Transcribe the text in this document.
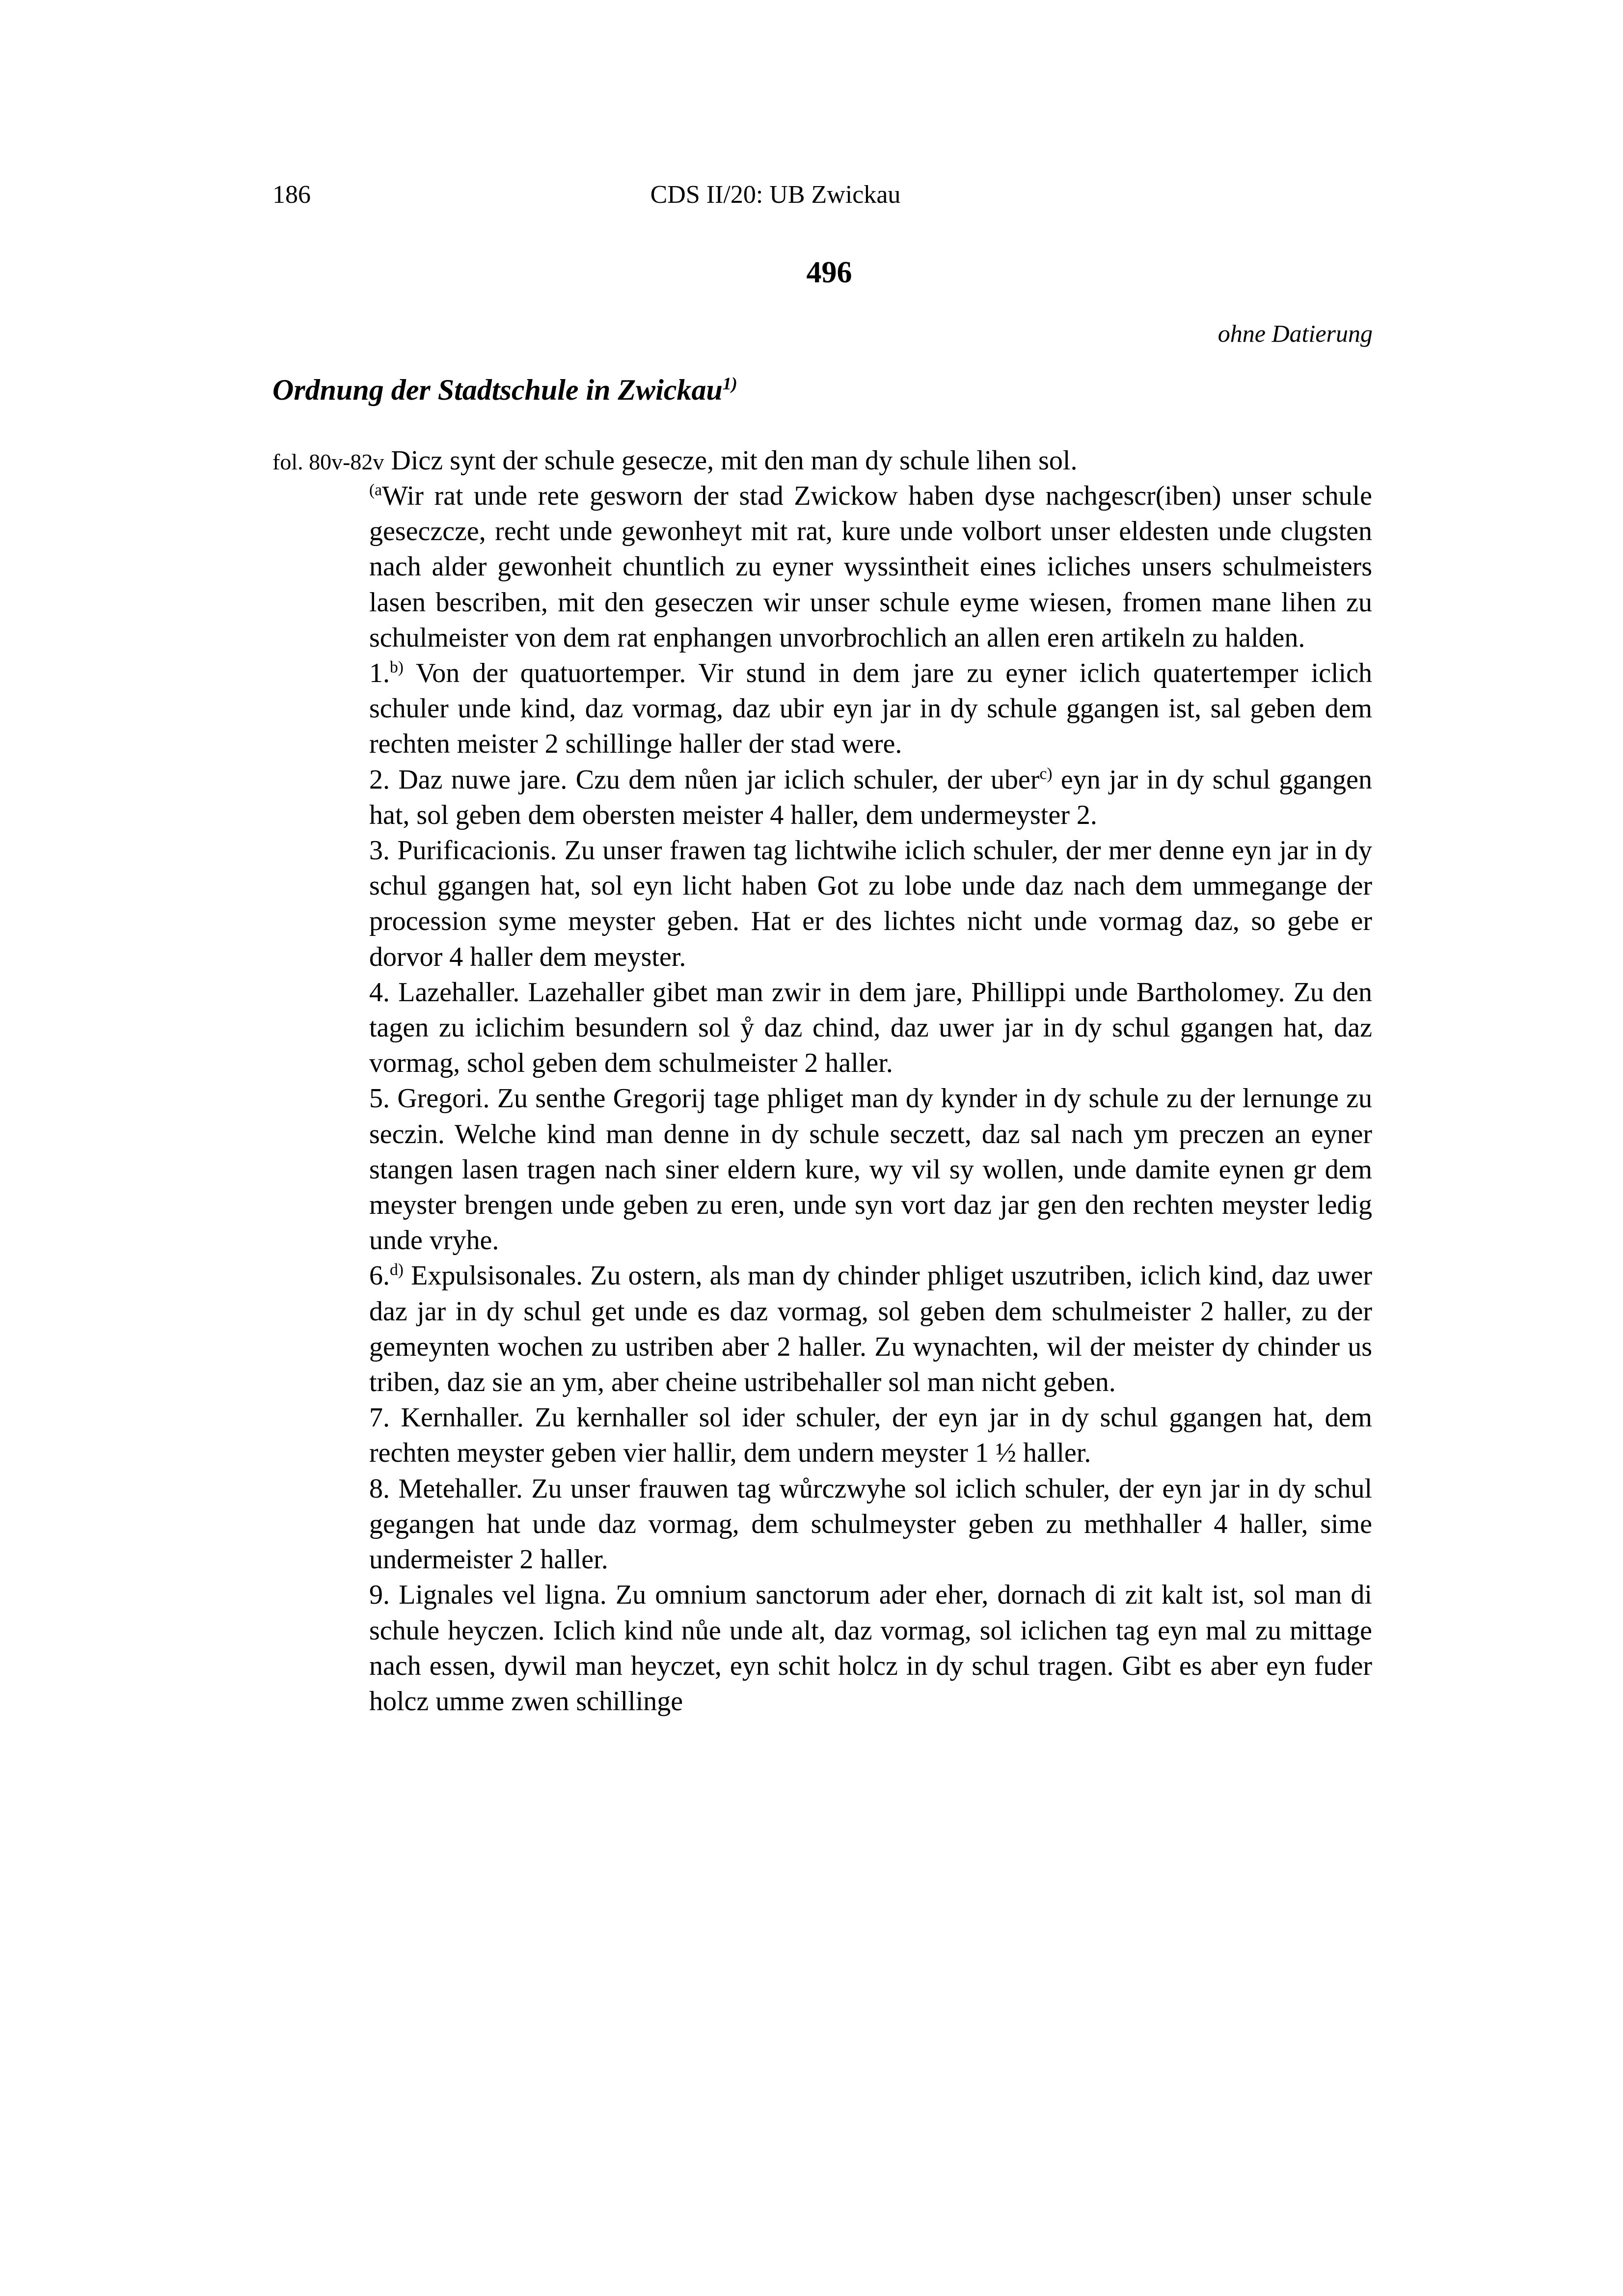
186	CDS II/20: UB Zwickau
496
ohne Datierung
Ordnung der Stadtschule in Zwickau$^{1)}$
fol. 80v-82v Dicz synt der schule gesecze, mit den man dy schule lihen sol.

$^{(a}$Wir rat unde rete gesworn der stad Zwickow haben dyse nachgescr(iben) unser schule geseczcze, recht unde gewonheyt mit rat, kure unde volbort unser eldesten unde clugsten nach alder gewonheit chuntlich zu eyner wyssintheit eines icliches unsers schulmeisters lasen bescriben, mit den geseczen wir unser schule eyme wiesen, fromen mane lihen zu schulmeister von dem rat enphangen unvorbrochlich an allen eren artikeln zu halden.

1.$^{b)}$ Von der quatuortemper. Vir stund in dem jare zu eyner iclich quatertemper iclich schuler unde kind, daz vormag, daz ubir eyn jar in dy schule ggangen ist, sal geben dem rechten meister 2 schillinge haller der stad were.

2. Daz nuwe jare. Czu dem nůen jar iclich schuler, der uber$^{c)}$ eyn jar in dy schul ggangen hat, sol geben dem obersten meister 4 haller, dem undermeyster 2.

3. Purificacionis. Zu unser frawen tag lichtwihe iclich schuler, der mer denne eyn jar in dy schul ggangen hat, sol eyn licht haben Got zu lobe unde daz nach dem ummegange der procession syme meyster geben. Hat er des lichtes nicht unde vormag daz, so gebe er dorvor 4 haller dem meyster.

4. Lazehaller. Lazehaller gibet man zwir in dem jare, Phillippi unde Bartholomey. Zu den tagen zu iclichim besundern sol ẙ daz chind, daz uwer jar in dy schul ggangen hat, daz vormag, schol geben dem schulmeister 2 haller.

5. Gregori. Zu senthe Gregorij tage phliget man dy kynder in dy schule zu der lernunge zu seczin. Welche kind man denne in dy schule seczett, daz sal nach ym preczen an eyner stangen lasen tragen nach siner eldern kure, wy vil sy wollen, unde damite eynen gr dem meyster brengen unde geben zu eren, unde syn vort daz jar gen den rechten meyster ledig unde vryhe.

6.$^{d)}$ Expulsisonales. Zu ostern, als man dy chinder phliget uszutriben, iclich kind, daz uwer daz jar in dy schul get unde es daz vormag, sol geben dem schulmeister 2 haller, zu der gemeynten wochen zu ustriben aber 2 haller. Zu wynachten, wil der meister dy chinder us triben, daz sie an ym, aber cheine ustribehaller sol man nicht geben.

7. Kernhaller. Zu kernhaller sol ider schuler, der eyn jar in dy schul ggangen hat, dem rechten meyster geben vier hallir, dem undern meyster 1 ½ haller.

8. Metehaller. Zu unser frauwen tag wůrczwyhe sol iclich schuler, der eyn jar in dy schul gegangen hat unde daz vormag, dem schulmeyster geben zu methhaller 4 haller, sime undermeister 2 haller.

9. Lignales vel ligna. Zu omnium sanctorum ader eher, dornach di zit kalt ist, sol man di schule heyczen. Iclich kind nůe unde alt, daz vormag, sol iclichen tag eyn mal zu mittage nach essen, dywil man heyczet, eyn schit holcz in dy schul tragen. Gibt es aber eyn fuder holcz umme zwen schillinge
